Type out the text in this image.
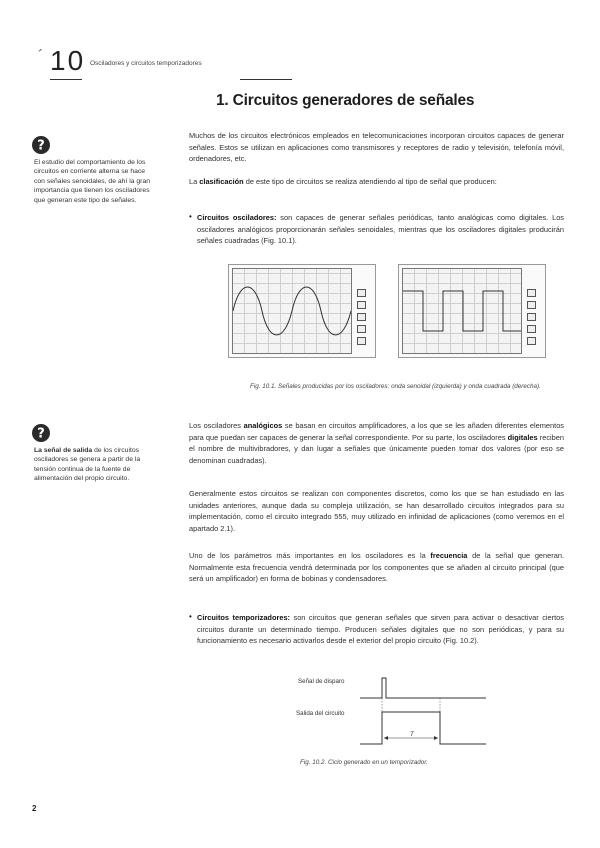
´ 10 Osciladores y circuitos temporizadores
1. Circuitos generadores de señales
?
El estudio del comportamiento de los circuitos en corriente alterna se hace con señales senoidales, de ahí la gran importancia que tienen los osciladores que generan este tipo de señales.
Muchos de los circuitos electrónicos empleados en telecomunicaciones incorporan circuitos capaces de generar señales. Estos se utilizan en aplicaciones como transmisores y receptores de radio y televisión, telefonía móvil, ordenadores, etc.
La clasificación de este tipo de circuitos se realiza atendiendo al tipo de señal que producen:
• Circuitos osciladores: son capaces de generar señales periódicas, tanto analógicas como digitales. Los osciladores analógicos proporcionarán señales senoidales, mientras que los osciladores digitales producirán señales cuadradas (Fig. 10.1).
Fig. 10.1. Señales producidas por los osciladores: onda senoidal (izquierda) y onda cuadrada (derecha).
?
La señal de salida de los circuitos osciladores se genera a partir de la tensión continua de la fuente de alimentación del propio circuito.
Los osciladores analógicos se basan en circuitos amplificadores, a los que se les añaden diferentes elementos para que puedan ser capaces de generar la señal correspondiente. Por su parte, los osciladores digitales reciben el nombre de multivibradores, y dan lugar a señales que únicamente pueden tomar dos valores (por eso se denominan cuadradas).
Generalmente estos circuitos se realizan con componentes discretos, como los que se han estudiado en las unidades anteriores, aunque dada su compleja utilización, se han desarrollado circuitos integrados para su implementación, como el circuito integrado 555, muy utilizado en infinidad de aplicaciones (como veremos en el apartado 2.1).
Uno de los parámetros más importantes en los osciladores es la frecuencia de la señal que generan. Normalmente esta frecuencia vendrá determinada por los componentes que se añaden al circuito principal (que será un amplificador) en forma de bobinas y condensadores.
• Circuitos temporizadores: son circuitos que generan señales que sirven para activar o desactivar ciertos circuitos durante un determinado tiempo. Producen señales digitales que no son periódicas, y para su funcionamiento es necesario activarlos desde el exterior del propio circuito (Fig. 10.2).
Señal de disparo
Salida del circuito
T
Fig. 10.2. Ciclo generado en un temporizador.
2
